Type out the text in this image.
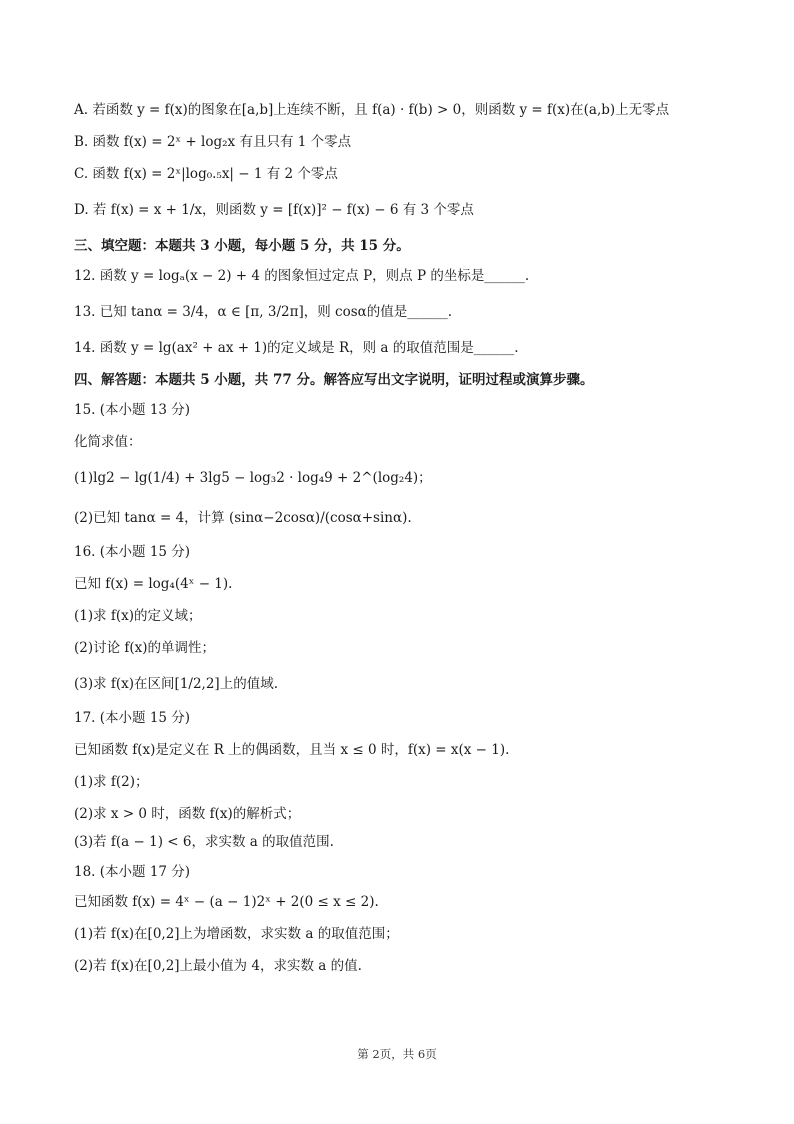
A. 若函数 y = f(x)的图象在[a,b]上连续不断，且 f(a) · f(b) > 0，则函数 y = f(x)在(a,b)上无零点
B. 函数 f(x) = 2ˣ + log₂x 有且只有 1 个零点
C. 函数 f(x) = 2ˣ|log₀.₅x| − 1 有 2 个零点
D. 若 f(x) = x + 1/x，则函数 y = [f(x)]² − f(x) − 6 有 3 个零点
三、填空题：本题共 3 小题，每小题 5 分，共 15 分。
12. 函数 y = logₐ(x − 2) + 4 的图象恒过定点 P，则点 P 的坐标是______.
13. 已知 tanα = 3/4，α ∈ [π, 3/2π]，则 cosα的值是______.
14. 函数 y = lg(ax² + ax + 1)的定义域是 R，则 a 的取值范围是______.
四、解答题：本题共 5 小题，共 77 分。解答应写出文字说明，证明过程或演算步骤。
15. (本小题 13 分)
化简求值：
(1)lg2 − lg(1/4) + 3lg5 − log₃2 · log₄9 + 2^(log₂4)；
(2)已知 tanα = 4，计算 (sinα−2cosα)/(cosα+sinα).
16. (本小题 15 分)
已知 f(x) = log₄(4ˣ − 1).
(1)求 f(x)的定义域；
(2)讨论 f(x)的单调性；
(3)求 f(x)在区间[1/2,2]上的值域.
17. (本小题 15 分)
已知函数 f(x)是定义在 R 上的偶函数，且当 x ≤ 0 时，f(x) = x(x − 1).
(1)求 f(2)；
(2)求 x > 0 时，函数 f(x)的解析式；
(3)若 f(a − 1) < 6，求实数 a 的取值范围.
18. (本小题 17 分)
已知函数 f(x) = 4ˣ − (a − 1)2ˣ + 2(0 ≤ x ≤ 2).
(1)若 f(x)在[0,2]上为增函数，求实数 a 的取值范围；
(2)若 f(x)在[0,2]上最小值为 4，求实数 a 的值.
第 2页，共 6页
